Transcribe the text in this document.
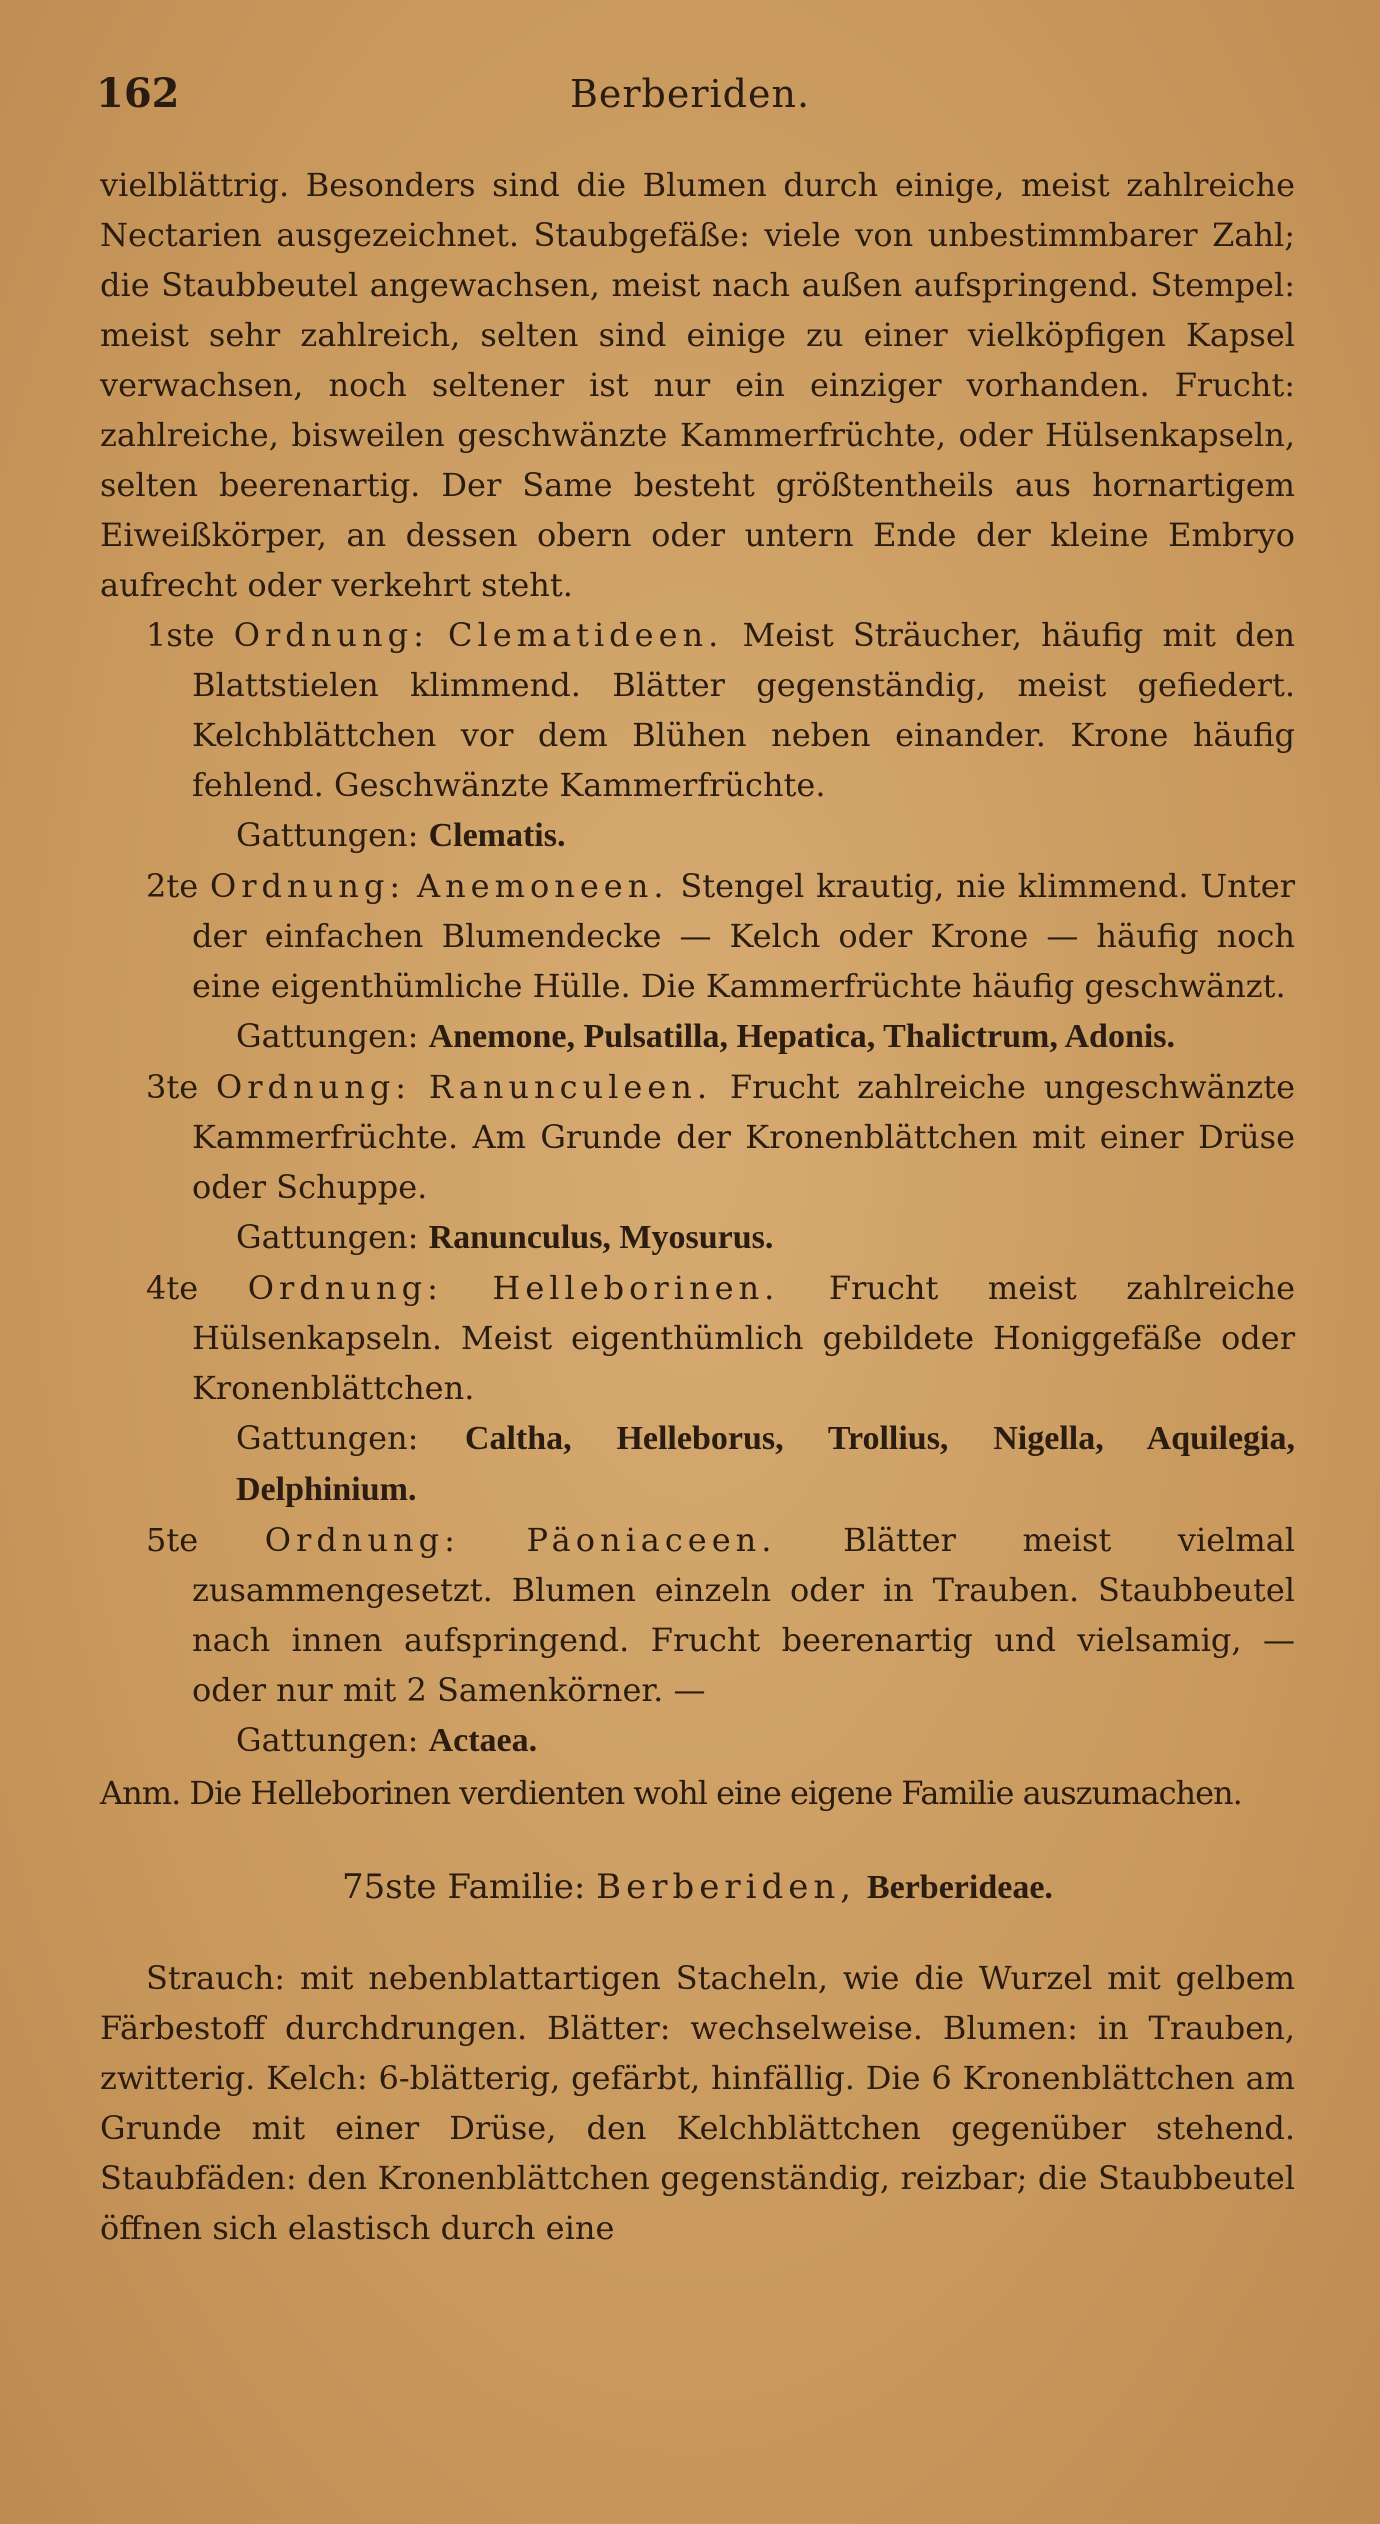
162	Berberiden.

vielblättrig. Besonders sind die Blumen durch einige, meist zahlreiche Nectarien ausgezeichnet. Staubgefäße: viele von unbestimmbarer Zahl; die Staubbeutel angewachsen, meist nach außen aufspringend. Stempel: meist sehr zahlreich, selten sind einige zu einer vielköpfigen Kapsel verwachsen, noch seltener ist nur ein einziger vorhanden. Frucht: zahlreiche, bisweilen geschwänzte Kammerfrüchte, oder Hülsenkapseln, selten beerenartig. Der Same besteht größtentheils aus hornartigem Eiweißkörper, an dessen obern oder untern Ende der kleine Embryo aufrecht oder verkehrt steht.

1ste Ordnung: Clematideen. Meist Sträucher, häufig mit den Blattstielen klimmend. Blätter gegenständig, meist gefiedert. Kelchblättchen vor dem Blühen neben einander. Krone häufig fehlend. Geschwänzte Kammerfrüchte.

Gattungen: Clematis.

2te Ordnung: Anemoneen. Stengel krautig, nie klimmend. Unter der einfachen Blumendecke — Kelch oder Krone — häufig noch eine eigenthümliche Hülle. Die Kammerfrüchte häufig geschwänzt.

Gattungen: Anemone, Pulsatilla, Hepatica, Thalictrum, Adonis.

3te Ordnung: Ranunculeen. Frucht zahlreiche ungeschwänzte Kammerfrüchte. Am Grunde der Kronenblättchen mit einer Drüse oder Schuppe.

Gattungen: Ranunculus, Myosurus.

4te Ordnung: Helleborinen. Frucht meist zahlreiche Hülsenkapseln. Meist eigenthümlich gebildete Honiggefäße oder Kronenblättchen.

Gattungen: Caltha, Helleborus, Trollius, Nigella, Aquilegia, Delphinium.

5te Ordnung: Päoniaceen. Blätter meist vielmal zusammengesetzt. Blumen einzeln oder in Trauben. Staubbeutel nach innen aufspringend. Frucht beerenartig und vielsamig, — oder nur mit 2 Samenkörner. —

Gattungen: Actaea.

Anm. Die Helleborinen verdienten wohl eine eigene Familie auszumachen.

75ste Familie: Berberiden, Berberideae.

Strauch: mit nebenblattartigen Stacheln, wie die Wurzel mit gelbem Färbestoff durchdrungen. Blätter: wechselweise. Blumen: in Trauben, zwitterig. Kelch: 6-blätterig, gefärbt, hinfällig. Die 6 Kronenblättchen am Grunde mit einer Drüse, den Kelchblättchen gegenüber stehend. Staubfäden: den Kronenblättchen gegenständig, reizbar; die Staubbeutel öffnen sich elastisch durch eine
